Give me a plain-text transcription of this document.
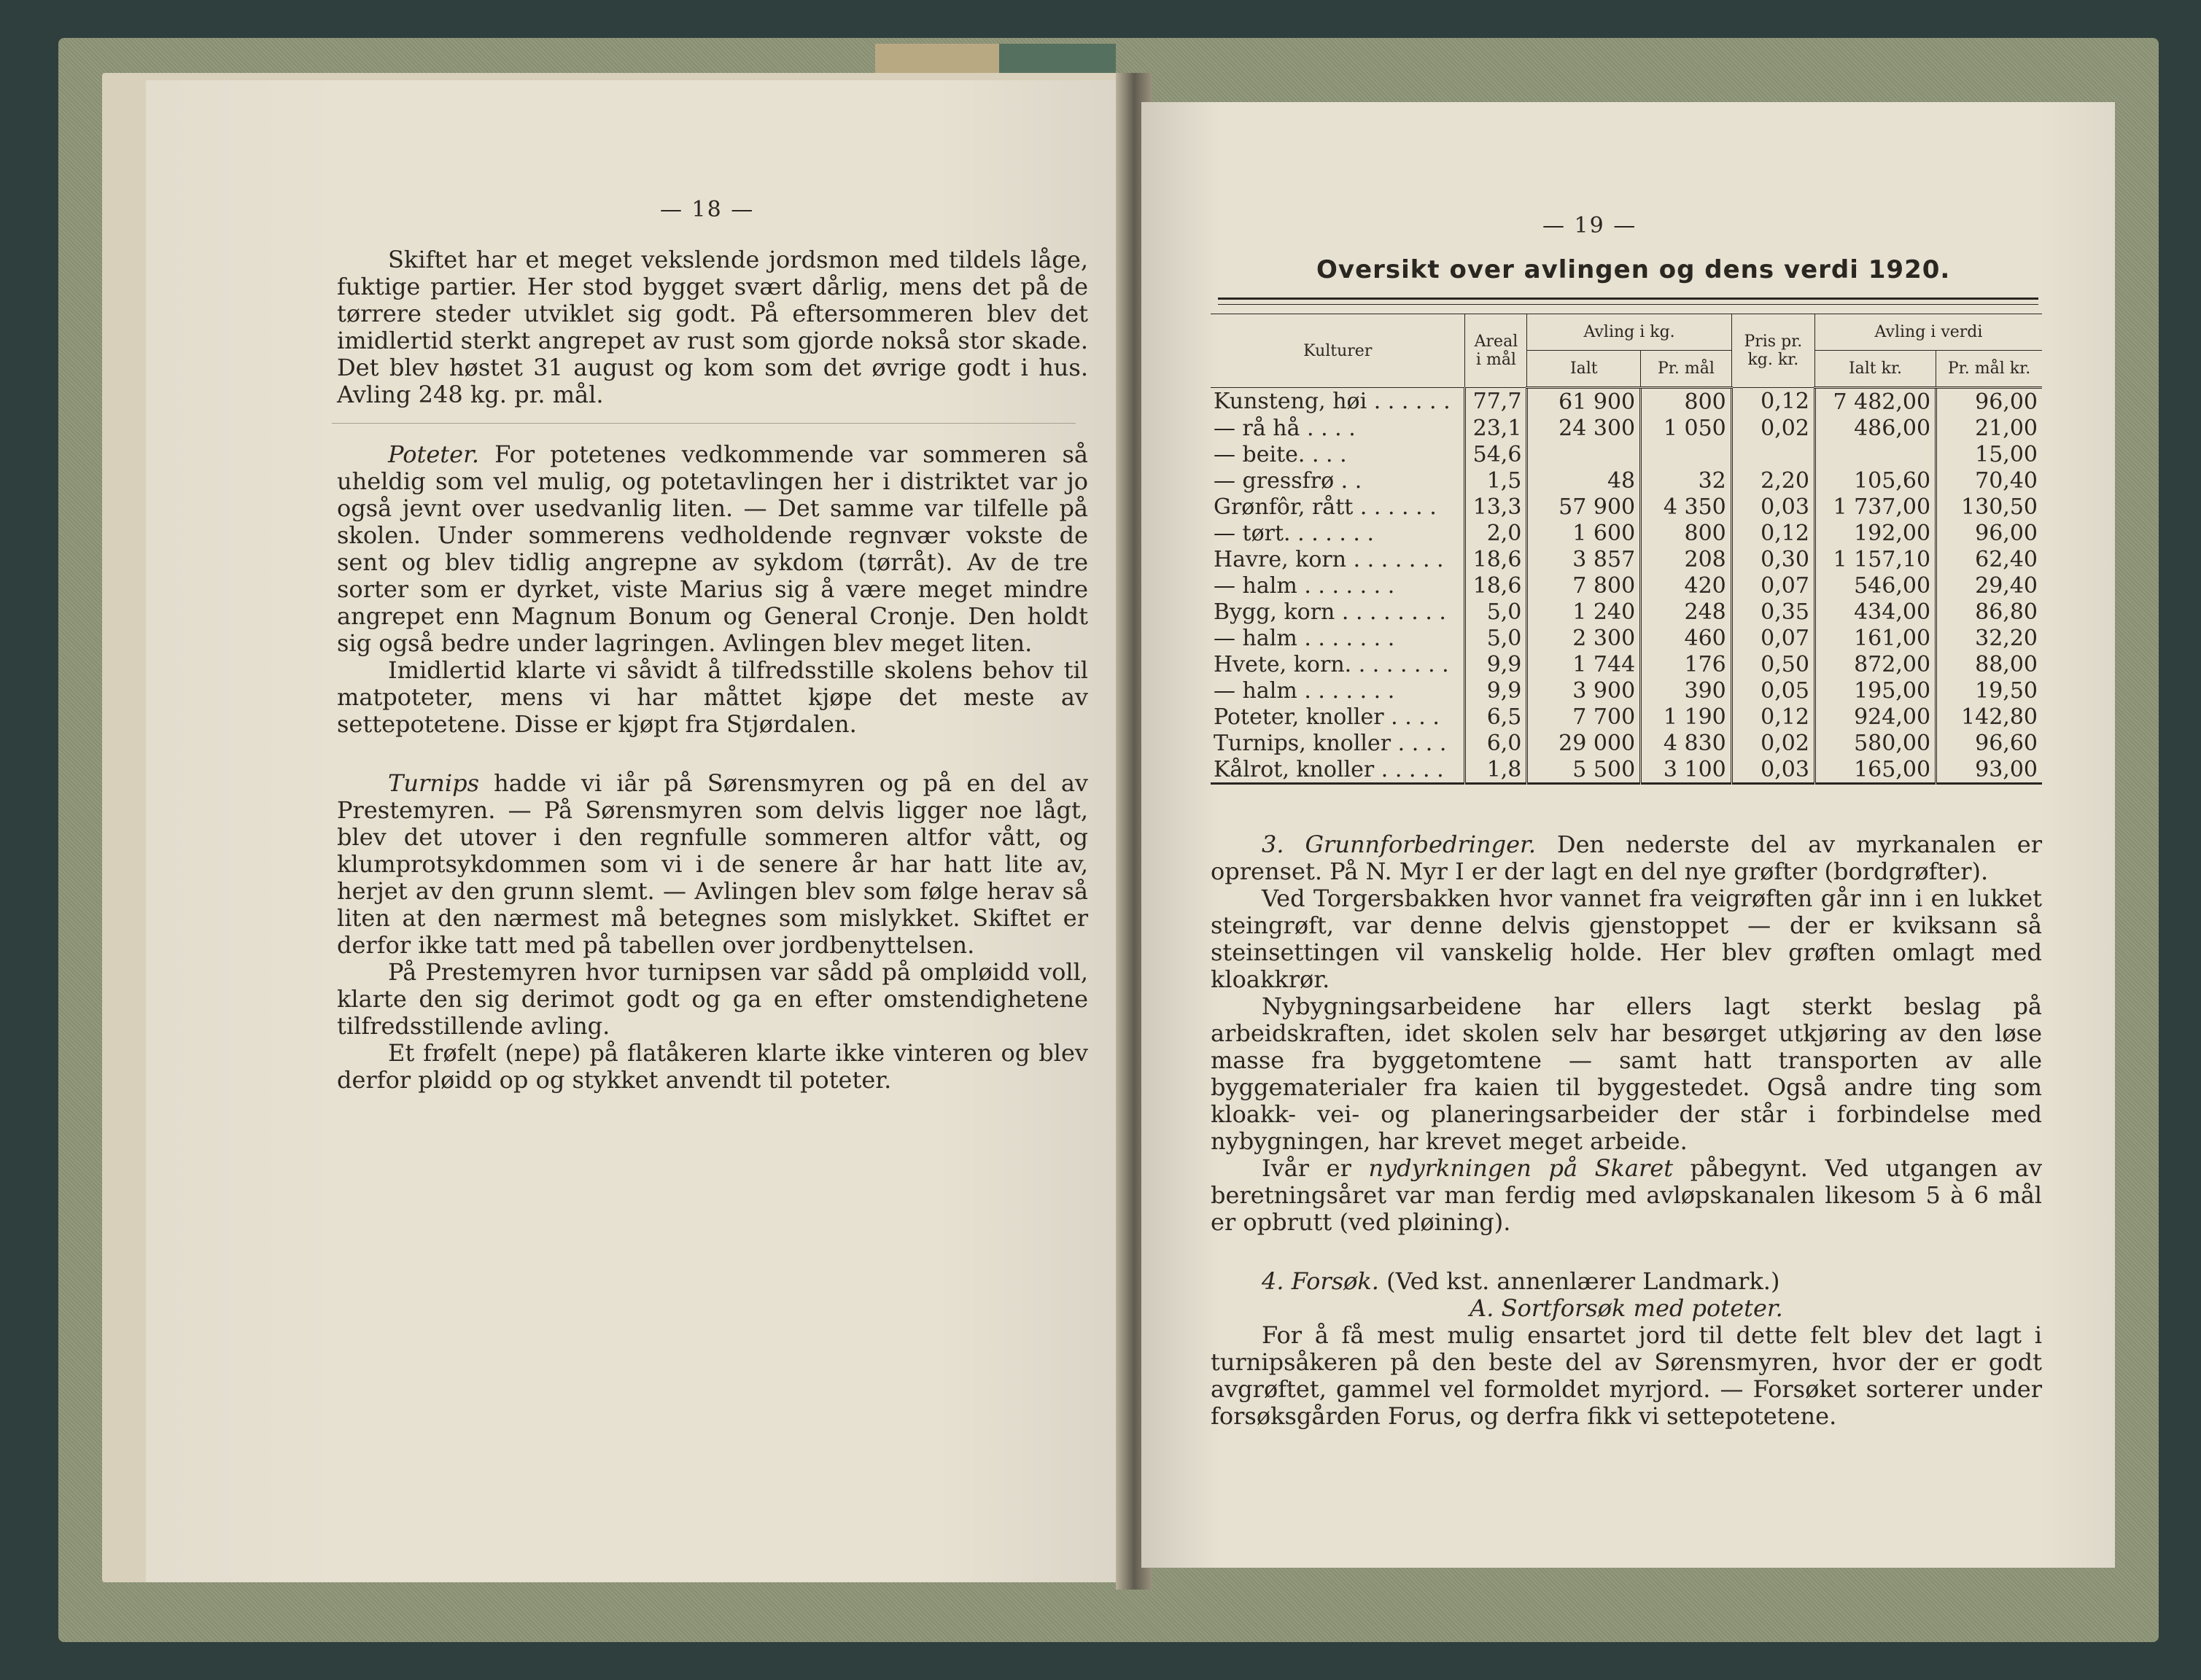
— 18 —

Skiftet har et meget vekslende jordsmon med tildels låge, fuktige partier. Her stod bygget svært dårlig, mens det på de tørrere steder utviklet sig godt. På eftersommeren blev det imidlertid sterkt angrepet av rust som gjorde nokså stor skade. Det blev høstet 31 august og kom som det øvrige godt i hus. Avling 248 kg. pr. mål.

Poteter. For potetenes vedkommende var sommeren så uheldig som vel mulig, og potetavlingen her i distriktet var jo også jevnt over usedvanlig liten. — Det samme var tilfelle på skolen. Under sommerens vedholdende regnvær vokste de sent og blev tidlig angrepne av sykdom (tørråt). Av de tre sorter som er dyrket, viste Marius sig å være meget mindre angrepet enn Magnum Bonum og General Cronje. Den holdt sig også bedre under lagringen. Avlingen blev meget liten.

Imidlertid klarte vi såvidt å tilfredsstille skolens behov til matpoteter, mens vi har måttet kjøpe det meste av settepotetene. Disse er kjøpt fra Stjørdalen.

Turnips hadde vi iår på Sørensmyren og på en del av Prestemyren. — På Sørensmyren som delvis ligger noe lågt, blev det utover i den regnfulle sommeren altfor vått, og klumprotsykdommen som vi i de senere år har hatt lite av, herjet av den grunn slemt. — Avlingen blev som følge herav så liten at den nærmest må betegnes som mislykket. Skiftet er derfor ikke tatt med på tabellen over jordbenyttelsen.

På Prestemyren hvor turnipsen var sådd på ompløidd voll, klarte den sig derimot godt og ga en efter omstendighetene tilfredsstillende avling.

Et frøfelt (nepe) på flatåkeren klarte ikke vinteren og blev derfor pløidd op og stykket anvendt til poteter.

— 19 —
Oversikt over avlingen og dens verdi 1920.
Kulturer	Areal i mål	Avling i kg.		Pris pr. kg. kr.	Avling i verdi	
		Ialt	Pr. mål		Ialt kr.	Pr. mål kr.
Kunsteng, høi . . . . . .	77,7	61 900	800	0,12	7 482,00	96,00
— rå hå . . . .	23,1	24 300	1 050	0,02	486,00	21,00
— beite. . . .	54,6					15,00
— gressfrø . .	1,5	48	32	2,20	105,60	70,40
Grønfôr, rått . . . . . .	13,3	57 900	4 350	0,03	1 737,00	130,50
— tørt. . . . . . .	2,0	1 600	800	0,12	192,00	96,00
Havre, korn . . . . . . .	18,6	3 857	208	0,30	1 157,10	62,40
— halm . . . . . . .	18,6	7 800	420	0,07	546,00	29,40
Bygg, korn . . . . . . . .	5,0	1 240	248	0,35	434,00	86,80
— halm . . . . . . .	5,0	2 300	460	0,07	161,00	32,20
Hvete, korn. . . . . . . .	9,9	1 744	176	0,50	872,00	88,00
— halm . . . . . . .	9,9	3 900	390	0,05	195,00	19,50
Poteter, knoller . . . .	6,5	7 700	1 190	0,12	924,00	142,80
Turnips, knoller . . . .	6,0	29 000	4 830	0,02	580,00	96,60
Kålrot, knoller . . . . .	1,8	5 500	3 100	0,03	165,00	93,00

3. Grunnforbedringer. Den nederste del av myrkanalen er oprenset. På N. Myr I er der lagt en del nye grøfter (bordgrøfter).

Ved Torgersbakken hvor vannet fra veigrøften går inn i en lukket steingrøft, var denne delvis gjenstoppet — der er kviksann så steinsettingen vil vanskelig holde. Her blev grøften omlagt med kloakkrør.

Nybygningsarbeidene har ellers lagt sterkt beslag på arbeidskraften, idet skolen selv har besørget utkjøring av den løse masse fra byggetomtene — samt hatt transporten av alle byggematerialer fra kaien til byggestedet. Også andre ting som kloakk- vei- og planeringsarbeider der står i forbindelse med nybygningen, har krevet meget arbeide.

Ivår er nydyrkningen på Skaret påbegynt. Ved utgangen av beretningsåret var man ferdig med avløpskanalen likesom 5 à 6 mål er opbrutt (ved pløining).

4. Forsøk. (Ved kst. annenlærer Landmark.)

A. Sortforsøk med poteter.

For å få mest mulig ensartet jord til dette felt blev det lagt i turnipsåkeren på den beste del av Sørensmyren, hvor der er godt avgrøftet, gammel vel formoldet myrjord. — Forsøket sorterer under forsøksgården Forus, og derfra fikk vi settepotetene.
